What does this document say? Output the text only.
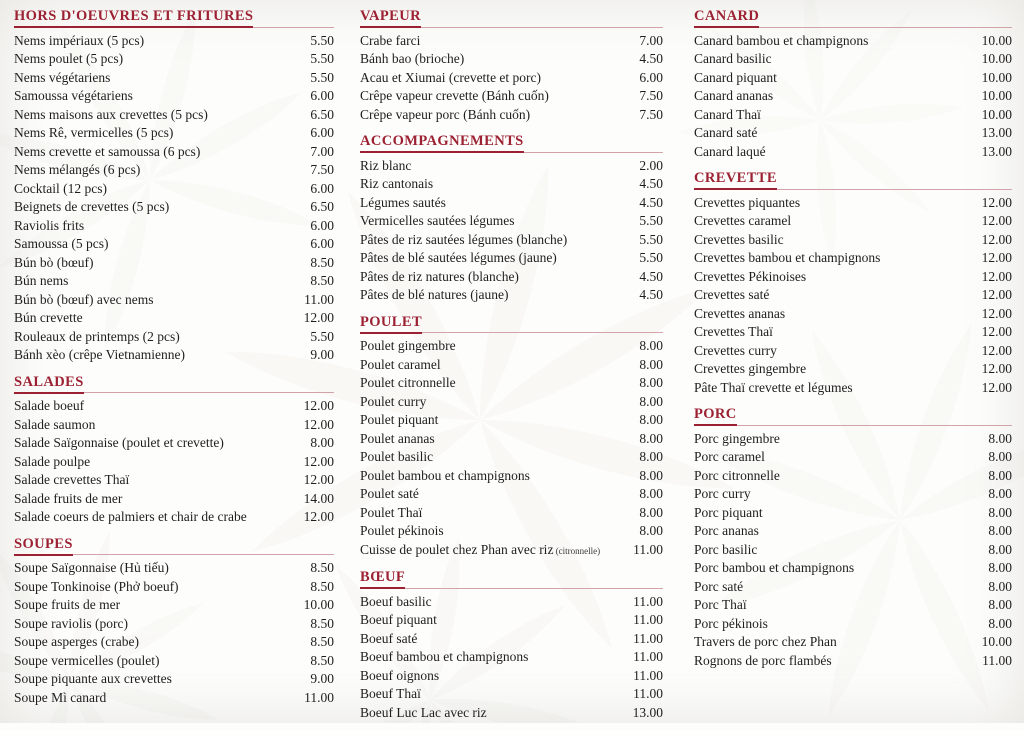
HORS D'OEUVRES ET FRITURES
Nems impériaux (5 pcs)	5.50
Nems poulet (5 pcs)	5.50
Nems végétariens	5.50
Samoussa végétariens	6.00
Nems maisons aux crevettes (5 pcs)	6.50
Nems Rê, vermicelles (5 pcs)	6.00
Nems crevette et samoussa (6 pcs)	7.00
Nems mélangés (6 pcs)	7.50
Cocktail (12 pcs)	6.00
Beignets de crevettes (5 pcs)	6.50
Raviolis frits	6.00
Samoussa (5 pcs)	6.00
Bún bò (bœuf)	8.50
Bún nems	8.50
Bún bò (bœuf) avec nems	11.00
Bún crevette	12.00
Rouleaux de printemps (2 pcs)	5.50
Bánh xèo (crêpe Vietnamienne)	9.00
SALADES
Salade boeuf	12.00
Salade saumon	12.00
Salade Saïgonnaise (poulet et crevette)	8.00
Salade poulpe	12.00
Salade crevettes Thaï	12.00
Salade fruits de mer	14.00
Salade coeurs de palmiers et chair de crabe	12.00
SOUPES
Soupe Saïgonnaise (Hủ tiếu)	8.50
Soupe Tonkinoise (Phở boeuf)	8.50
Soupe fruits de mer	10.00
Soupe raviolis (porc)	8.50
Soupe asperges (crabe)	8.50
Soupe vermicelles (poulet)	8.50
Soupe piquante aux crevettes	9.00
Soupe Mì canard	11.00
VAPEUR
Crabe farci	7.00
Bánh bao (brioche)	4.50
Acau et Xiumai (crevette et porc)	6.00
Crêpe vapeur crevette (Bánh cuốn)	7.50
Crêpe vapeur porc (Bánh cuốn)	7.50
ACCOMPAGNEMENTS
Riz blanc	2.00
Riz cantonais	4.50
Légumes sautés	4.50
Vermicelles sautées légumes	5.50
Pâtes de riz sautées légumes (blanche)	5.50
Pâtes de blé sautées légumes (jaune)	5.50
Pâtes de riz natures (blanche)	4.50
Pâtes de blé natures (jaune)	4.50
POULET
Poulet gingembre	8.00
Poulet caramel	8.00
Poulet citronnelle	8.00
Poulet curry	8.00
Poulet piquant	8.00
Poulet ananas	8.00
Poulet basilic	8.00
Poulet bambou et champignons	8.00
Poulet saté	8.00
Poulet Thaï	8.00
Poulet pékinois	8.00
Cuisse de poulet chez Phan avec riz (citronnelle) 11.00
BŒUF
Boeuf basilic	11.00
Boeuf piquant	11.00
Boeuf saté	11.00
Boeuf bambou et champignons	11.00
Boeuf oignons	11.00
Boeuf Thaï	11.00
Boeuf Luc Lac avec riz	13.00
CANARD
Canard bambou et champignons	10.00
Canard basilic	10.00
Canard piquant	10.00
Canard ananas	10.00
Canard Thaï	10.00
Canard saté	13.00
Canard laqué	13.00
CREVETTE
Crevettes piquantes	12.00
Crevettes caramel	12.00
Crevettes basilic	12.00
Crevettes bambou et champignons	12.00
Crevettes Pékinoises	12.00
Crevettes saté	12.00
Crevettes ananas	12.00
Crevettes Thaï	12.00
Crevettes curry	12.00
Crevettes gingembre	12.00
Pâte Thaï crevette et légumes	12.00
PORC
Porc gingembre	8.00
Porc caramel	8.00
Porc citronnelle	8.00
Porc curry	8.00
Porc piquant	8.00
Porc ananas	8.00
Porc basilic	8.00
Porc bambou et champignons	8.00
Porc saté	8.00
Porc Thaï	8.00
Porc pékinois	8.00
Travers de porc chez Phan	10.00
Rognons de porc flambés	11.00
